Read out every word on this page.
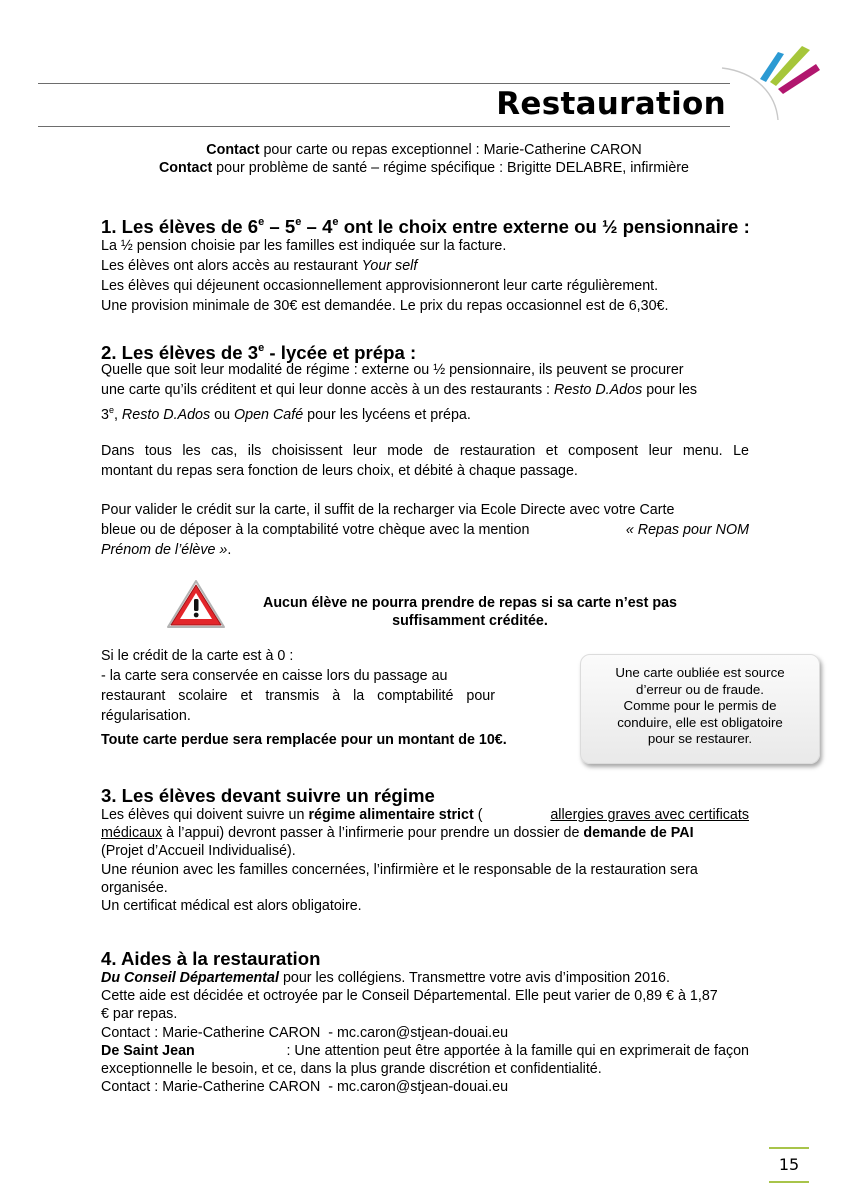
Restauration
Contact pour carte ou repas exceptionnel : Marie-Catherine CARON
Contact pour problème de santé – régime spécifique : Brigitte DELABRE, infirmière
1. Les élèves de 6e – 5e – 4e ont le choix entre externe ou ½ pensionnaire :
La ½ pension choisie par les familles est indiquée sur la facture.
Les élèves ont alors accès au restaurant Your self
Les élèves qui déjeunent occasionnellement approvisionneront leur carte régulièrement.
Une provision minimale de 30€ est demandée. Le prix du repas occasionnel est de 6,30€.
2. Les élèves de 3e - lycée et prépa :
Quelle que soit leur modalité de régime : externe ou ½ pensionnaire, ils peuvent se procurer
une carte qu’ils créditent et qui leur donne accès à un des restaurants : Resto D.Ados pour les
3e, Resto D.Ados ou Open Café pour les lycéens et prépa.
Dans tous les cas, ils choisissent leur mode de restauration et composent leur menu. Le
montant du repas sera fonction de leurs choix, et débité à chaque passage.
Pour valider le crédit sur la carte, il suffit de la recharger via Ecole Directe avec votre Carte
bleue ou de déposer à la comptabilité votre chèque avec la mention	« Repas pour NOM
Prénom de l’élève ».
Aucun élève ne pourra prendre de repas si sa carte n’est pas
suffisamment créditée.
Si le crédit de la carte est à 0 :
- la carte sera conservée en caisse lors du passage au
restaurant scolaire et transmis à la comptabilité pour
régularisation.
Toute carte perdue sera remplacée pour un montant de 10€.
Une carte oubliée est source
d’erreur ou de fraude.
Comme pour le permis de
conduire, elle est obligatoire
pour se restaurer.
3. Les élèves devant suivre un régime
Les élèves qui doivent suivre un régime alimentaire strict (	allergies graves avec certificats
médicaux à l’appui) devront passer à l’infirmerie pour prendre un dossier de demande de PAI
(Projet d’Accueil Individualisé).
Une réunion avec les familles concernées, l’infirmière et le responsable de la restauration sera
organisée.
Un certificat médical est alors obligatoire.
4. Aides à la restauration
Du Conseil Départemental pour les collégiens. Transmettre votre avis d’imposition 2016.
Cette aide est décidée et octroyée par le Conseil Départemental. Elle peut varier de 0,89 € à 1,87
€ par repas.
Contact : Marie-Catherine CARON  - mc.caron@stjean-douai.eu
De Saint Jean	: Une attention peut être apportée à la famille qui en exprimerait de façon
exceptionnelle le besoin, et ce, dans la plus grande discrétion et confidentialité.
Contact : Marie-Catherine CARON  - mc.caron@stjean-douai.eu
15
